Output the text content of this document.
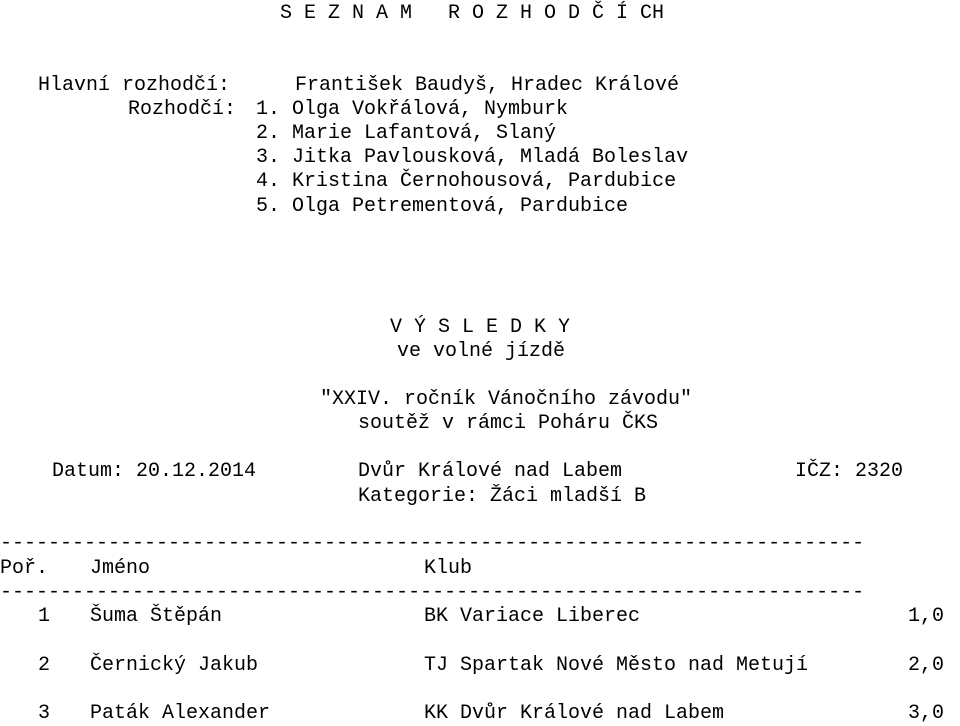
S E Z N A M   R O Z H O D Č Í CH
Hlavní rozhodčí:	František Baudyš, Hradec Králové
Rozhodčí: 1. Olga Vokřálová, Nymburk
2. Marie Lafantová, Slaný
3. Jitka Pavlousková, Mladá Boleslav
4. Kristina Černohousová, Pardubice
5. Olga Petrementová, Pardubice
V Ý S L E D K Y
ve volné jízdě
"XXIV. ročník Vánočního závodu"
soutěž v rámci Poháru ČKS
Datum: 20.12.2014	Dvůr Králové nad Labem	IČZ: 2320
Kategorie: Žáci mladší B
------------------------------------------------------------------------
Poř. Jméno	Klub
------------------------------------------------------------------------
1 Šuma Štěpán	BK Variace Liberec	1,0
2 Černický Jakub	TJ Spartak Nové Město nad Metují	2,0
3 Paták Alexander	KK Dvůr Králové nad Labem	3,0
